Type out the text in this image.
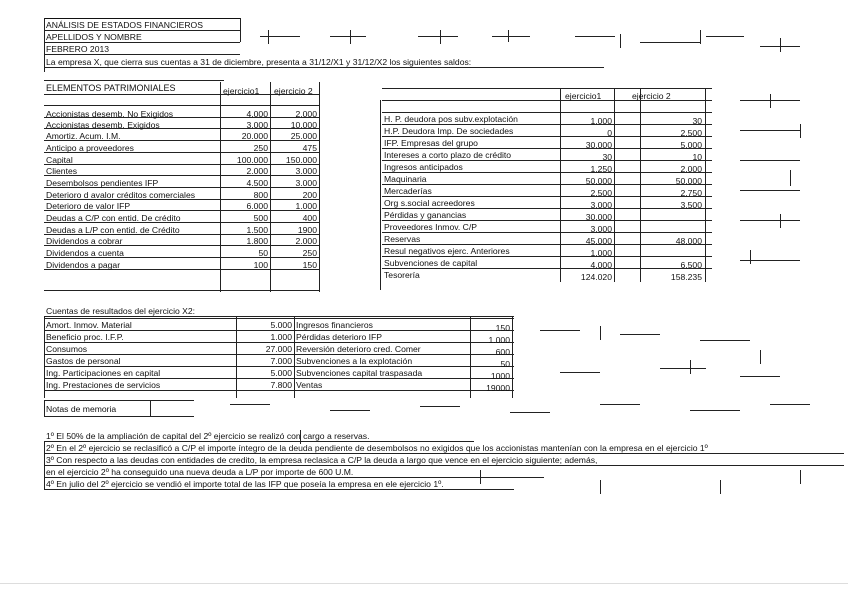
ANÁLISIS DE ESTADOS FINANCIEROS
APELLIDOS Y NOMBRE
FEBRERO 2013
La empresa X, que cierra sus cuentas a 31 de diciembre, presenta a 31/12/X1 y 31/12/X2 los siguientes saldos:
ELEMENTOS PATRIMONIALES	ejercicio1 ejercicio 2	ejercicio1	ejercicio 2
Accionistas desemb. No Exigidos	4.000	2.000
Accionistas desemb. Exigidos	3.000	10.000
Amortiz. Acum. I.M.	20.000	25.000
Anticipo a proveedores	250	475
Capital	100.000	150.000
Clientes	2.000	3.000
Desembolsos pendientes IFP	4.500	3.000
Deterioro d avalor créditos comerciales	800	200
Deterioro de valor IFP	6.000	1.000
Deudas a C/P con entid. De crédito	500	400
Deudas a L/P con entid. de Crédito	1.500	1900
Dividendos a cobrar	1.800	2.000
Dividendos a cuenta	50	250
Dividendos a pagar	100	150
H. P. deudora pos subv.explotación	1.000	30
H.P. Deudora Imp. De sociedades	0	2.500
IFP. Empresas del grupo	30.000	5.000
Intereses a corto plazo de crédito	30	10
Ingresos anticipados	1.250	2.000
Maquinaria	50.000	50.000
Mercaderías	2.500	2.750
Org s.social acreedores	3.000	3.500
Pérdidas y ganancias	30.000
Proveedores Inmov. C/P	3.000
Reservas	45.000	48.000
Resul negativos ejerc. Anteriores	1.000
Subvenciones de capital	4.000	6.500
Tesorería	124.020	158.235
Cuentas de resultados del ejercicio X2:
Amort. Inmov. Material	5.000 Ingresos financieros	150
Beneficio proc. I.F.P.	1.000 Pérdidas deterioro IFP	1.000
Consumos	27.000 Reversión deterioro cred. Comer	600
Gastos de personal	7.000 Subvenciones a la explotación	50
Ing. Participaciones en capital	5.000 Subvenciones capital traspasada	1000
Ing. Prestaciones de servicios	7.800 Ventas	19000
Notas de memoria
1º El 50% de la ampliación de capital del 2º ejercicio se realizó con cargo a reservas.
2º En el 2º ejercicio se reclasificó a C/P el importe íntegro de la deuda pendiente de desembolsos no exigidos que los accionistas mantenían con la empresa en el ejercicio 1º
3º Con respecto a las deudas con entidades de credito, la empresa reclasica a C/P la deuda a largo que vence en el ejercicio siguiente; además,
en el ejercicio 2º ha conseguido una nueva deuda a L/P por importe de 600 U.M.
4º En julio del 2º ejercicio se vendió el importe total de las IFP que poseía la empresa en ele ejercicio 1º.
